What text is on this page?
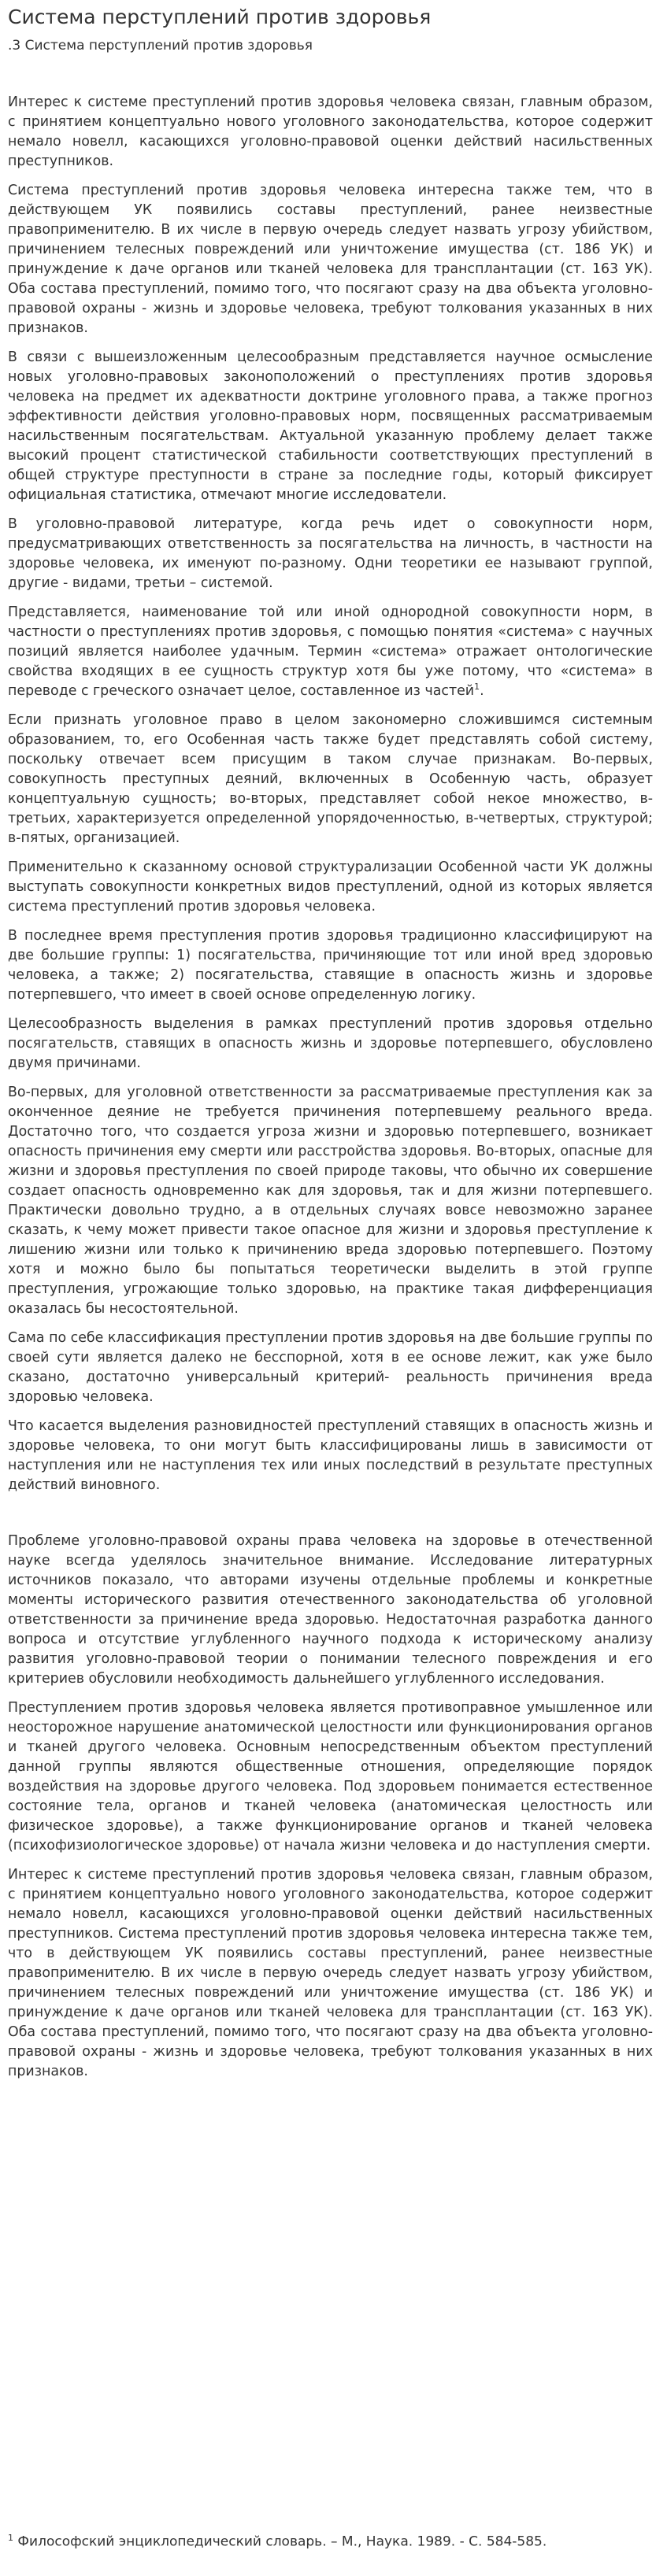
Система перступлений против здоровья
.3 Система перступлений против здоровья

Интерес к системе преступлений против здоровья человека связан, главным образом, с принятием концептуально нового уголовного законодательства, которое содержит немало новелл, касающихся уголовно-правовой оценки действий насильственных преступников.

Система преступлений против здоровья человека интересна также тем, что в действующем УК появились составы преступлений, ранее неизвестные правоприменителю. В их числе в первую очередь следует назвать угрозу убийством, причинением телесных повреждений или уничтожение имущества (ст. 186 УК) и принуждение к даче органов или тканей человека для трансплантации (ст. 163 УК). Оба состава преступлений, помимо того, что посягают сразу на два объекта уголовно-правовой охраны - жизнь и здоровье человека, требуют толкования указанных в них признаков.

В связи с вышеизложенным целесообразным представляется научное осмысление новых уголовно-правовых законоположений о преступлениях против здоровья человека на предмет их адекватности доктрине уголовного права, а также прогноз эффективности действия уголовно-правовых норм, посвященных рассматриваемым насильственным посягательствам. Актуальной указанную проблему делает также высокий процент статистической стабильности соответствующих преступлений в общей структуре преступности в стране за последние годы, который фиксирует официальная статистика, отмечают многие исследователи.

В уголовно-правовой литературе, когда речь идет о совокупности норм, предусматривающих ответственность за посягательства на личность, в частности на здоровье человека, их именуют по-разному. Одни теоретики ее называют группой, другие - видами, третьи – системой.

Представляется, наименование той или иной однородной совокупности норм, в частности о преступлениях против здоровья, с помощью понятия «система» с научных позиций является наиболее удачным. Термин «система» отражает онтологические свойства входящих в ее сущность структур хотя бы уже потому, что «система» в переводе с греческого означает целое, составленное из частей$^1$.

Если признать уголовное право в целом закономерно сложившимся системным образованием, то, его Особенная часть также будет представлять собой систему, поскольку отвечает всем присущим в таком случае признакам. Во-первых, совокупность преступных деяний, включенных в Особенную часть, образует концептуальную сущность; во-вторых, представляет собой некое множество, в-третьих, характеризуется определенной упорядоченностью, в-четвертых, структурой; в-пятых, организацией.

Применительно к сказанному основой структурализации Особенной части УК должны выступать совокупности конкретных видов преступлений, одной из которых является система преступлений против здоровья человека.

В последнее время преступления против здоровья традиционно классифицируют на две большие группы: 1) посягательства, причиняющие тот или иной вред здоровью человека, а также; 2) посягательства, ставящие в опасность жизнь и здоровье потерпевшего, что имеет в своей основе определенную логику.

Целесообразность выделения в рамках преступлений против здоровья отдельно посягательств, ставящих в опасность жизнь и здоровье потерпевшего, обусловлено двумя причинами.

Во-первых, для уголовной ответственности за рассматриваемые преступления как за оконченное деяние не требуется причинения потерпевшему реального вреда. Достаточно того, что создается угроза жизни и здоровью потерпевшего, возникает опасность причинения ему смерти или расстройства здоровья. Во-вторых, опасные для жизни и здоровья преступления по своей природе таковы, что обычно их совершение создает опасность одновременно как для здоровья, так и для жизни потерпевшего. Практически довольно трудно, а в отдельных случаях вовсе невозможно заранее сказать, к чему может привести такое опасное для жизни и здоровья преступление к лишению жизни или только к причинению вреда здоровью потерпевшего. Поэтому хотя и можно было бы попытаться теоретически выделить в этой группе преступления, угрожающие только здоровью, на практике такая дифференциация оказалась бы несостоятельной.

Сама по себе классификация преступлении против здоровья на две большие группы по своей сути является далеко не бесспорной, хотя в ее основе лежит, как уже было сказано, достаточно универсальный критерий- реальность причинения вреда здоровью человека.

Что касается выделения разновидностей преступлений ставящих в опасность жизнь и здоровье человека, то они могут быть классифицированы лишь в зависимости от наступления или не наступления тех или иных последствий в результате преступных действий виновного.

Проблеме уголовно-правовой охраны права человека на здоровье в отечественной науке всегда уделялось значительное внимание. Исследование литературных источников показало, что авторами изучены отдельные проблемы и конкретные моменты исторического развития отечественного законодательства об уголовной ответственности за причинение вреда здоровью. Недостаточная разработка данного вопроса и отсутствие углубленного научного подхода к историческому анализу развития уголовно-правовой теории о понимании телесного повреждения и его критериев обусловили необходимость дальнейшего углубленного исследования.

Преступлением против здоровья человека является противоправное умышленное или неосторожное нарушение анатомической целостности или функционирования органов и тканей другого человека. Основным непосредственным объектом преступлений данной группы являются общественные отношения, определяющие порядок воздействия на здоровье другого человека. Под здоровьем понимается естественное состояние тела, органов и тканей человека (анатомическая целостность или физическое здоровье), а также функционирование органов и тканей человека (психофизиологическое здоровье) от начала жизни человека и до наступления смерти.

Интерес к системе преступлений против здоровья человека связан, главным образом, с принятием концептуально нового уголовного законодательства, которое содержит немало новелл, касающихся уголовно-правовой оценки действий насильственных преступников. Система преступлений против здоровья человека интересна также тем, что в действующем УК появились составы преступлений, ранее неизвестные правоприменителю. В их числе в первую очередь следует назвать угрозу убийством, причинением телесных повреждений или уничтожение имущества (ст. 186 УК) и принуждение к даче органов или тканей человека для трансплантации (ст. 163 УК). Оба состава преступлений, помимо того, что посягают сразу на два объекта уголовно-правовой охраны - жизнь и здоровье человека, требуют толкования указанных в них признаков.

$^1$ Философский энциклопедический словарь. – М., Наука. 1989. - С. 584-585.
